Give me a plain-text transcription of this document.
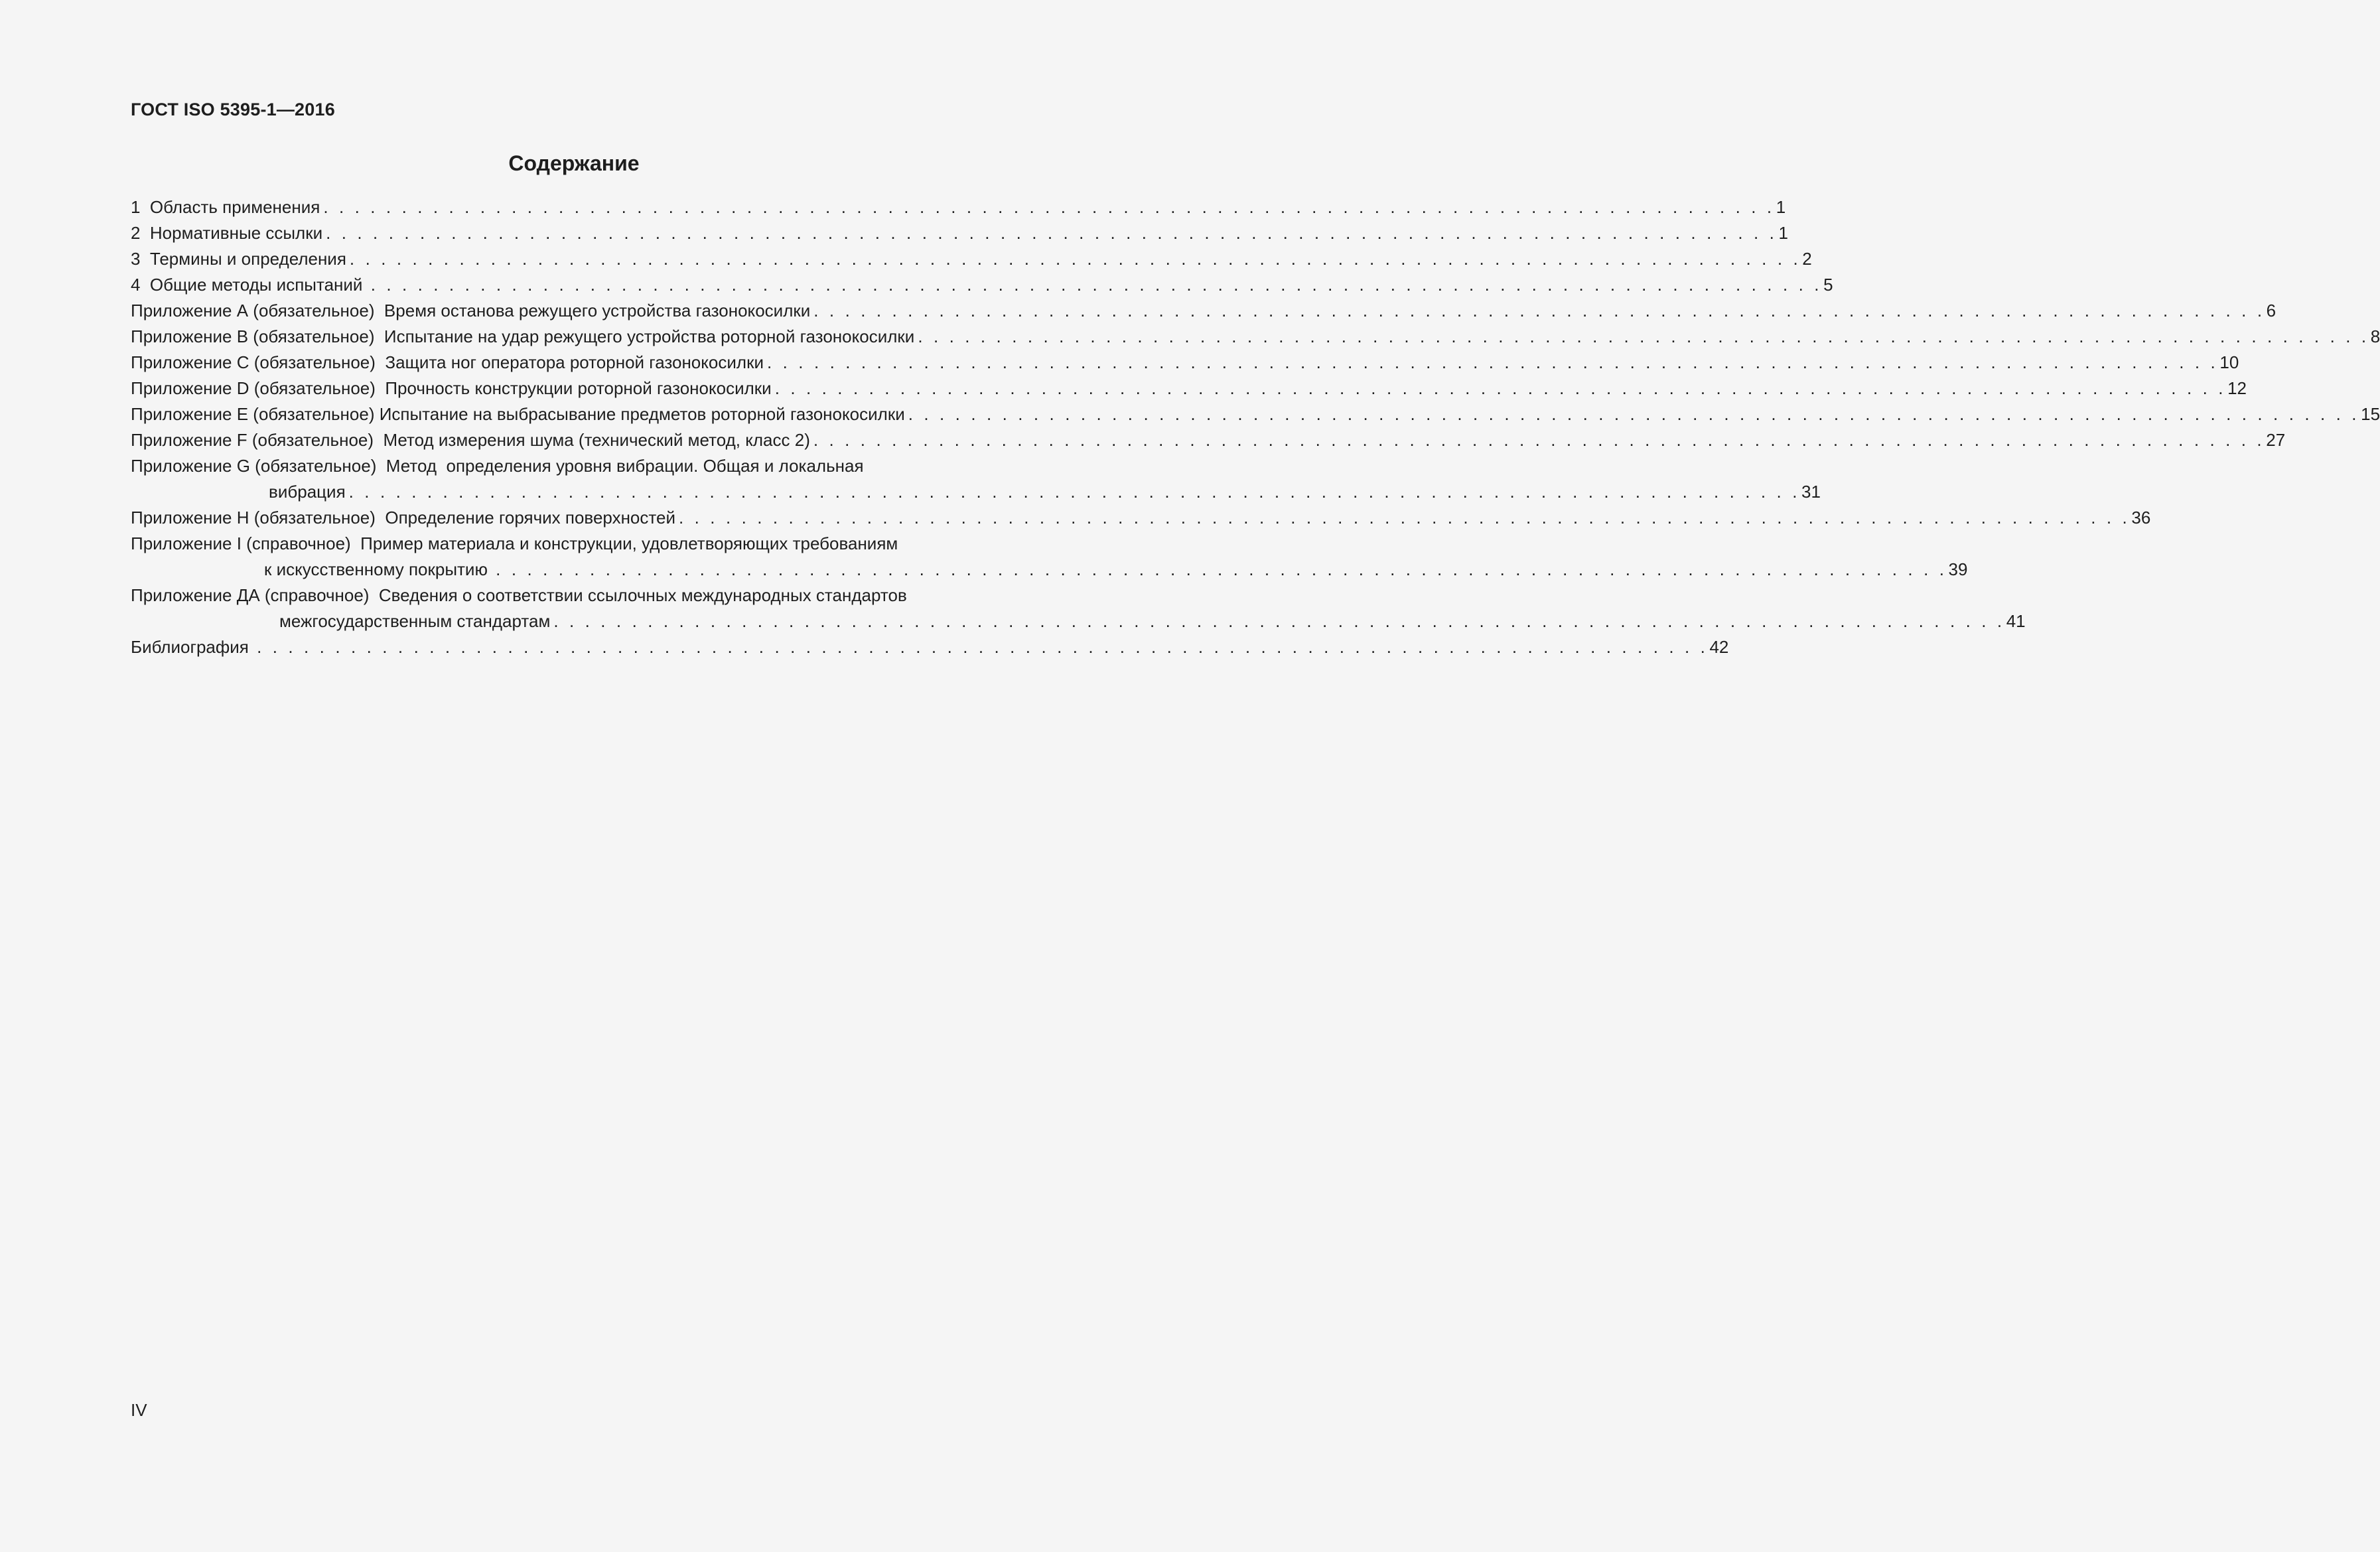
ГОСТ ISO 5395-1—2016

Содержание
1  Область применения . . . . . . . . . . . . . . . . . . . . . . . . . . . . . . . . . . . . . . . . . . . . . . . . . . . . . . . . . . . . . . . . . . . . . . . . . . . . . . . . . . . . . . . . . . . . . 1
2  Нормативные ссылки . . . . . . . . . . . . . . . . . . . . . . . . . . . . . . . . . . . . . . . . . . . . . . . . . . . . . . . . . . . . . . . . . . . . . . . . . . . . . . . . . . . . . . . . . . . . . 1
3  Термины и определения . . . . . . . . . . . . . . . . . . . . . . . . . . . . . . . . . . . . . . . . . . . . . . . . . . . . . . . . . . . . . . . . . . . . . . . . . . . . . . . . . . . . . . . . . . . . . 2
4  Общие методы испытаний . . . . . . . . . . . . . . . . . . . . . . . . . . . . . . . . . . . . . . . . . . . . . . . . . . . . . . . . . . . . . . . . . . . . . . . . . . . . . . . . . . . . . . . . . . . . . 5
Приложение А (обязательное)  Время останова режущего устройства газонокосилки . . . . . . . . . . . . . . . . . . . . . . . . . . . . . . . . . . . . . . . . . . . . . . . . . . . . . . . . . . . . . . . . . . . . . . . . . . . . . . . . . . . . . . . . . . . . . 6
Приложение В (обязательное)  Испытание на удар режущего устройства роторной газонокосилки . . . . . . . . . . . . . . . . . . . . . . . . . . . . . . . . . . . . . . . . . . . . . . . . . . . . . . . . . . . . . . . . . . . . . . . . . . . . . . . . . . . . . . . . . . . . . 8
Приложение С (обязательное)  Защита ног оператора роторной газонокосилки . . . . . . . . . . . . . . . . . . . . . . . . . . . . . . . . . . . . . . . . . . . . . . . . . . . . . . . . . . . . . . . . . . . . . . . . . . . . . . . . . . . . . . . . . . . . . 10
Приложение D (обязательное)  Прочность конструкции роторной газонокосилки . . . . . . . . . . . . . . . . . . . . . . . . . . . . . . . . . . . . . . . . . . . . . . . . . . . . . . . . . . . . . . . . . . . . . . . . . . . . . . . . . . . . . . . . . . . . . 12
Приложение Е (обязательное) Испытание на выбрасывание предметов роторной газонокосилки . . . . . . . . . . . . . . . . . . . . . . . . . . . . . . . . . . . . . . . . . . . . . . . . . . . . . . . . . . . . . . . . . . . . . . . . . . . . . . . . . . . . . . . . . . . . . 15
Приложение F (обязательное)  Метод измерения шума (технический метод, класс 2) . . . . . . . . . . . . . . . . . . . . . . . . . . . . . . . . . . . . . . . . . . . . . . . . . . . . . . . . . . . . . . . . . . . . . . . . . . . . . . . . . . . . . . . . . . . . . 27
Приложение G (обязательное)  Метод  определения уровня вибрации. Общая и локальная
вибрация . . . . . . . . . . . . . . . . . . . . . . . . . . . . . . . . . . . . . . . . . . . . . . . . . . . . . . . . . . . . . . . . . . . . . . . . . . . . . . . . . . . . . . . . . . . . . 31
Приложение Н (обязательное)  Определение горячих поверхностей . . . . . . . . . . . . . . . . . . . . . . . . . . . . . . . . . . . . . . . . . . . . . . . . . . . . . . . . . . . . . . . . . . . . . . . . . . . . . . . . . . . . . . . . . . . . . 36
Приложение I (справочное)  Пример материала и конструкции, удовлетворяющих требованиям
к искусственному покрытию . . . . . . . . . . . . . . . . . . . . . . . . . . . . . . . . . . . . . . . . . . . . . . . . . . . . . . . . . . . . . . . . . . . . . . . . . . . . . . . . . . . . . . . . . . . . . 39
Приложение ДА (справочное)  Сведения о соответствии ссылочных международных стандартов
межгосударственным стандартам . . . . . . . . . . . . . . . . . . . . . . . . . . . . . . . . . . . . . . . . . . . . . . . . . . . . . . . . . . . . . . . . . . . . . . . . . . . . . . . . . . . . . . . . . . . . . 41
Библиография . . . . . . . . . . . . . . . . . . . . . . . . . . . . . . . . . . . . . . . . . . . . . . . . . . . . . . . . . . . . . . . . . . . . . . . . . . . . . . . . . . . . . . . . . . . . . 42

IV
